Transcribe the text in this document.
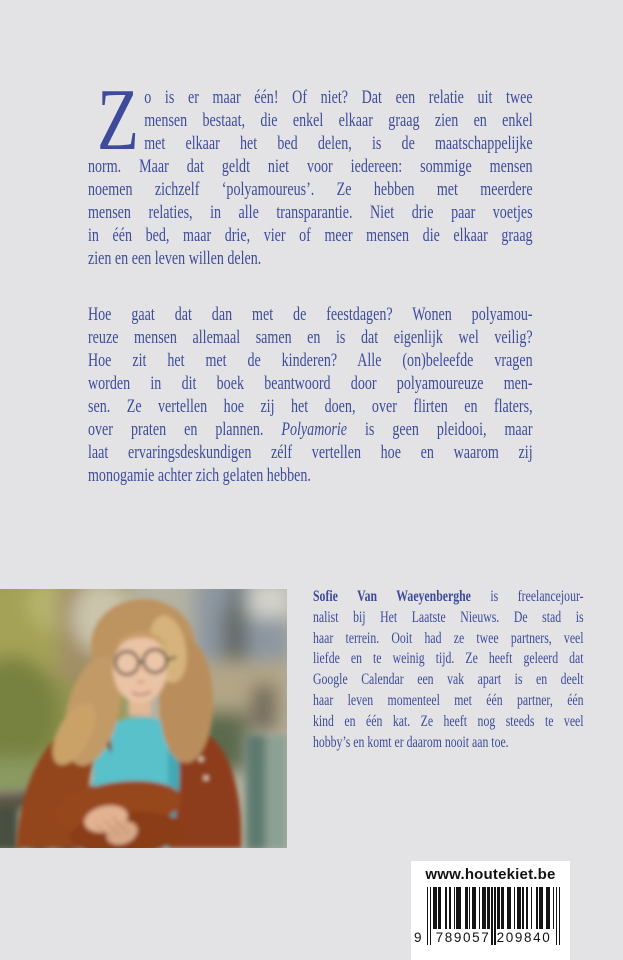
Z o is er maar één! Of niet? Dat een relatie uit twee
mensen bestaat, die enkel elkaar graag zien en enkel
met elkaar het bed delen, is de maatschappelijke
norm. Maar dat geldt niet voor iedereen: sommige mensen
noemen zichzelf ‘polyamoureus’. Ze hebben met meerdere
mensen relaties, in alle transparantie. Niet drie paar voetjes
in één bed, maar drie, vier of meer mensen die elkaar graag
zien en een leven willen delen.
Hoe gaat dat dan met de feestdagen? Wonen polyamou-
reuze mensen allemaal samen en is dat eigenlijk wel veilig?
Hoe zit het met de kinderen? Alle (on)beleefde vragen
worden in dit boek beantwoord door polyamoureuze men-
sen. Ze vertellen hoe zij het doen, over flirten en flaters,
over praten en plannen. Polyamorie is geen pleidooi, maar
laat ervaringsdeskundigen zélf vertellen hoe en waarom zij
monogamie achter zich gelaten hebben.
Sofie Van Waeyenberghe is freelancejour-
nalist bij Het Laatste Nieuws. De stad is
haar terrein. Ooit had ze twee partners, veel
liefde en te weinig tijd. Ze heeft geleerd dat
Google Calendar een vak apart is en deelt
haar leven momenteel met één partner, één
kind en één kat. Ze heeft nog steeds te veel
hobby’s en komt er daarom nooit aan toe.
www.houtekiet.be
9 789057 209840
